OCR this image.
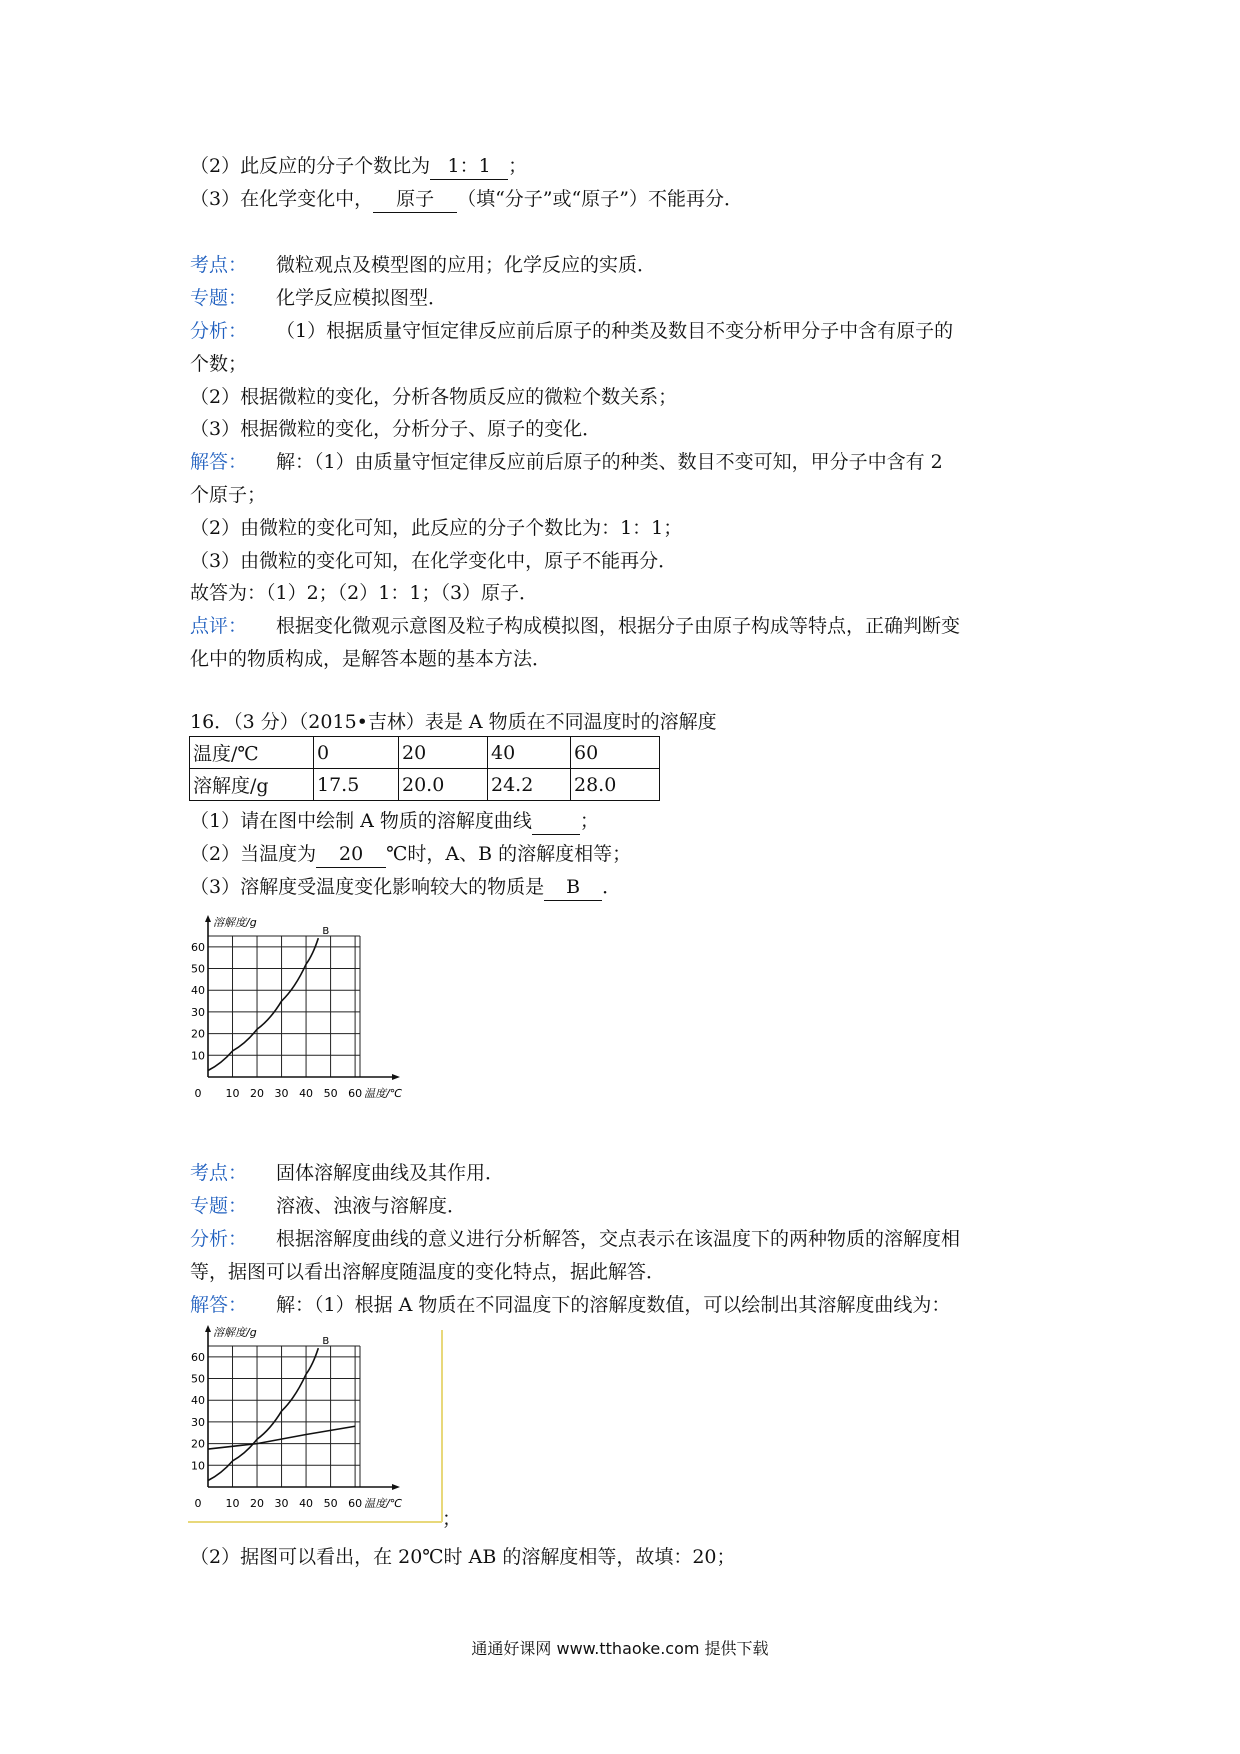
（2）此反应的分子个数比为 1：1 ；
（3）在化学变化中， 原子 （填“分子”或“原子”）不能再分．
考点： 微粒观点及模型图的应用；化学反应的实质．
专题： 化学反应模拟图型．
分析： （1）根据质量守恒定律反应前后原子的种类及数目不变分析甲分子中含有原子的
个数；
（2）根据微粒的变化，分析各物质反应的微粒个数关系；
（3）根据微粒的变化，分析分子、原子的变化．
解答： 解：（1）由质量守恒定律反应前后原子的种类、数目不变可知，甲分子中含有 2
个原子；
（2）由微粒的变化可知，此反应的分子个数比为：1：1；
（3）由微粒的变化可知，在化学变化中，原子不能再分．
故答为：（1）2；（2）1：1；（3）原子．
点评： 根据变化微观示意图及粒子构成模拟图，根据分子由原子构成等特点，正确判断变
化中的物质构成，是解答本题的基本方法．
16．（3 分）（2015•吉林）表是 A 物质在不同温度时的溶解度
温度/℃	0	20	40	60
溶解度/g	17.5	20.0	24.2	28.0
（1）请在图中绘制 A 物质的溶解度曲线	；
（2）当温度为 20 ℃时，A、B 的溶解度相等；
（3）溶解度受温度变化影响较大的物质是 B ．
0 10 20 30 40 50 60
10
20
30
40
50
60
溶解度/g
温度/℃
B
考点： 固体溶解度曲线及其作用．
专题： 溶液、浊液与溶解度．
分析： 根据溶解度曲线的意义进行分析解答，交点表示在该温度下的两种物质的溶解度相
等，据图可以看出溶解度随温度的变化特点，据此解答．
解答： 解：（1）根据 A 物质在不同温度下的溶解度数值，可以绘制出其溶解度曲线为：
0 10 20 30 40 50 60
10
20
30
40
50
60
溶解度/g
温度/℃
B
；
（2）据图可以看出，在 20℃时 AB 的溶解度相等，故填：20；
通通好课网 www.tthaoke.com 提供下载
